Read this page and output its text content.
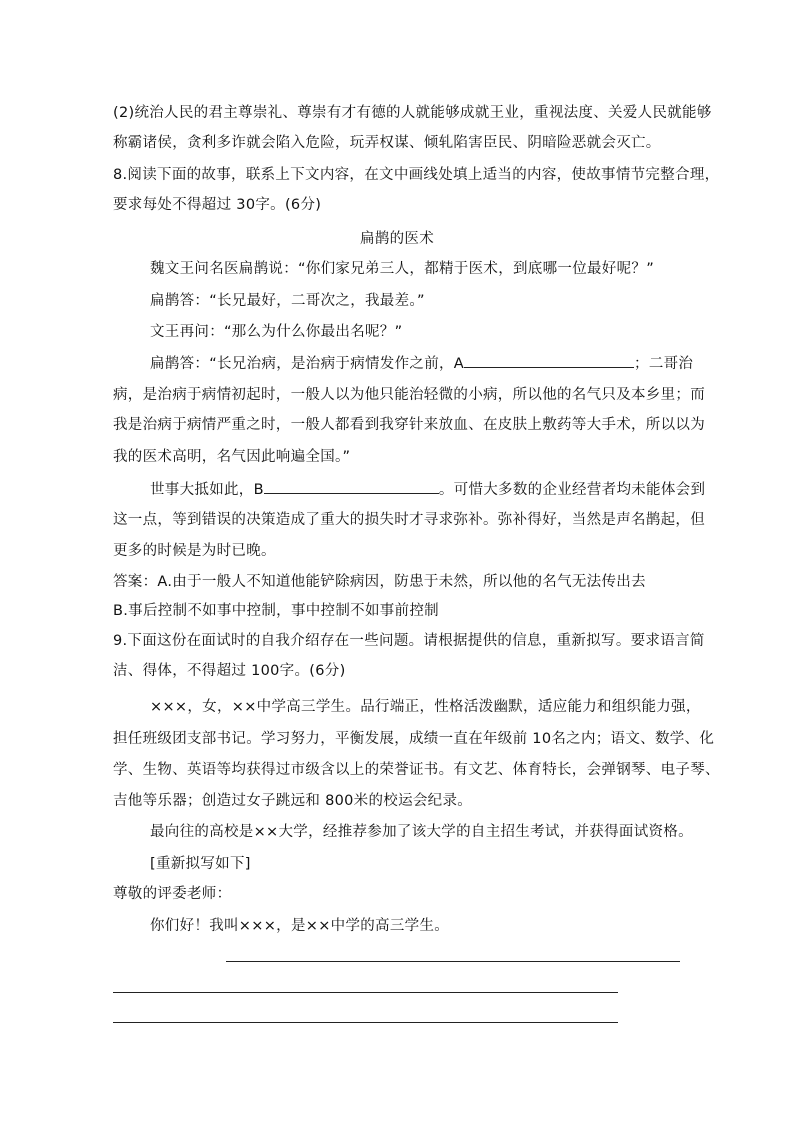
(2)统治人民的君主尊崇礼、尊崇有才有德的人就能够成就王业，重视法度、关爱人民就能够
称霸诸侯，贪利多诈就会陷入危险，玩弄权谋、倾轧陷害臣民、阴暗险恶就会灭亡。
8.阅读下面的故事，联系上下文内容，在文中画线处填上适当的内容，使故事情节完整合理，
要求每处不得超过 30字。(6分)
扁鹊的医术
魏文王问名医扁鹊说：“你们家兄弟三人，都精于医术，到底哪一位最好呢？”
扁鹊答：“长兄最好，二哥次之，我最差。”
文王再问：“那么为什么你最出名呢？”
扁鹊答：“长兄治病，是治病于病情发作之前，A	；二哥治
病，是治病于病情初起时，一般人以为他只能治轻微的小病，所以他的名气只及本乡里；而
我是治病于病情严重之时，一般人都看到我穿针来放血、在皮肤上敷药等大手术，所以以为
我的医术高明，名气因此响遍全国。”
世事大抵如此，B	。可惜大多数的企业经营者均未能体会到
这一点，等到错误的决策造成了重大的损失时才寻求弥补。弥补得好，当然是声名鹊起，但
更多的时候是为时已晚。
答案：A.由于一般人不知道他能铲除病因，防患于未然，所以他的名气无法传出去
B.事后控制不如事中控制，事中控制不如事前控制
9.下面这份在面试时的自我介绍存在一些问题。请根据提供的信息，重新拟写。要求语言简
洁、得体，不得超过 100字。(6分)
×××，女，××中学高三学生。品行端正，性格活泼幽默，适应能力和组织能力强，
担任班级团支部书记。学习努力，平衡发展，成绩一直在年级前 10名之内；语文、数学、化
学、生物、英语等均获得过市级含以上的荣誉证书。有文艺、体育特长，会弹钢琴、电子琴、
吉他等乐器；创造过女子跳远和 800米的校运会纪录。
最向往的高校是××大学，经推荐参加了该大学的自主招生考试，并获得面试资格。
[重新拟写如下]
尊敬的评委老师：
你们好！我叫×××，是××中学的高三学生。
